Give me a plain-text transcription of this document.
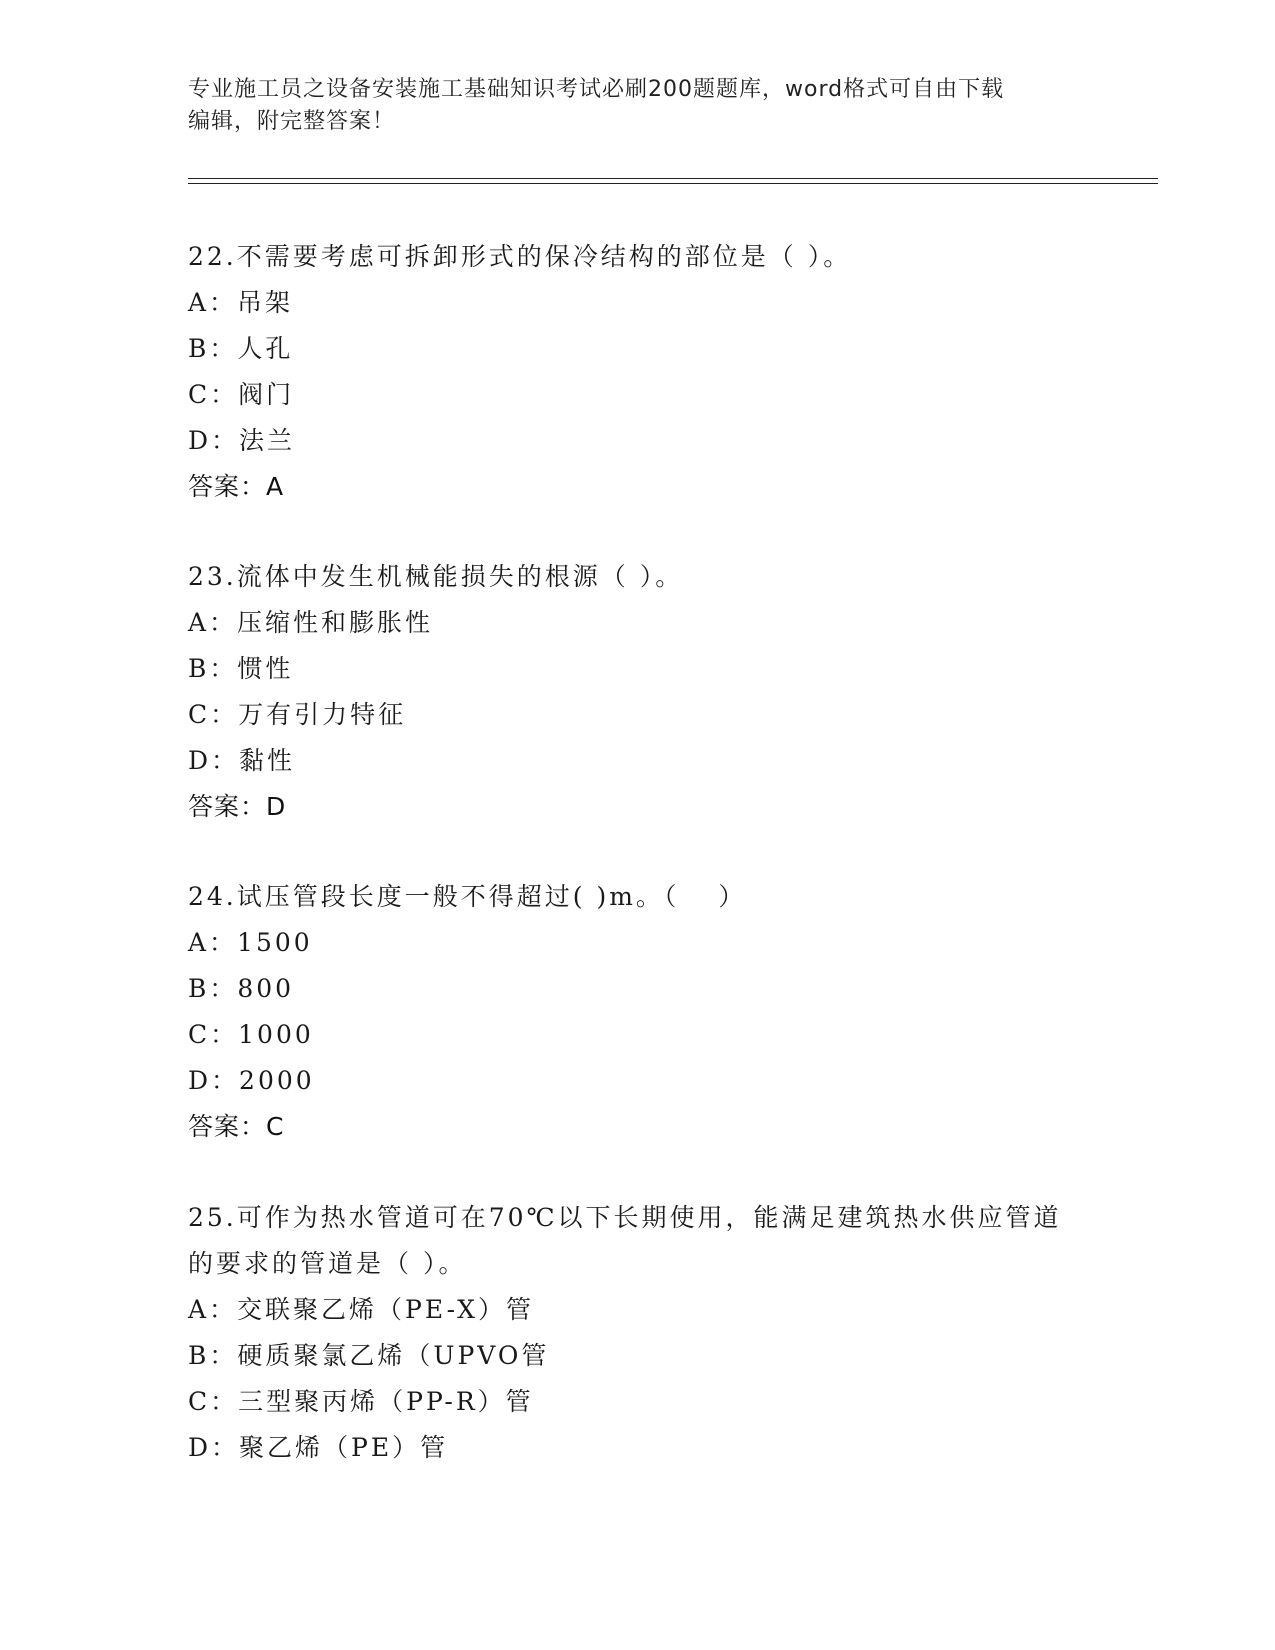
专业施工员之设备安装施工基础知识考试必刷200题题库，word格式可自由下载
编辑，附完整答案！
22.不需要考虑可拆卸形式的保冷结构的部位是（ ）。
A：吊架
B：人孔
C：阀门
D：法兰
答案：A
23.流体中发生机械能损失的根源（ ）。
A：压缩性和膨胀性
B：惯性
C：万有引力特征
D：黏性
答案：D
24.试压管段长度一般不得超过( )m。（　 ）
A：1500
B：800
C：1000
D：2000
答案：C
25.可作为热水管道可在70℃以下长期使用，能满足建筑热水供应管道
的要求的管道是（ ）。
A：交联聚乙烯（PE-X）管
B：硬质聚氯乙烯（UPVO管
C：三型聚丙烯（PP-R）管
D：聚乙烯（PE）管
